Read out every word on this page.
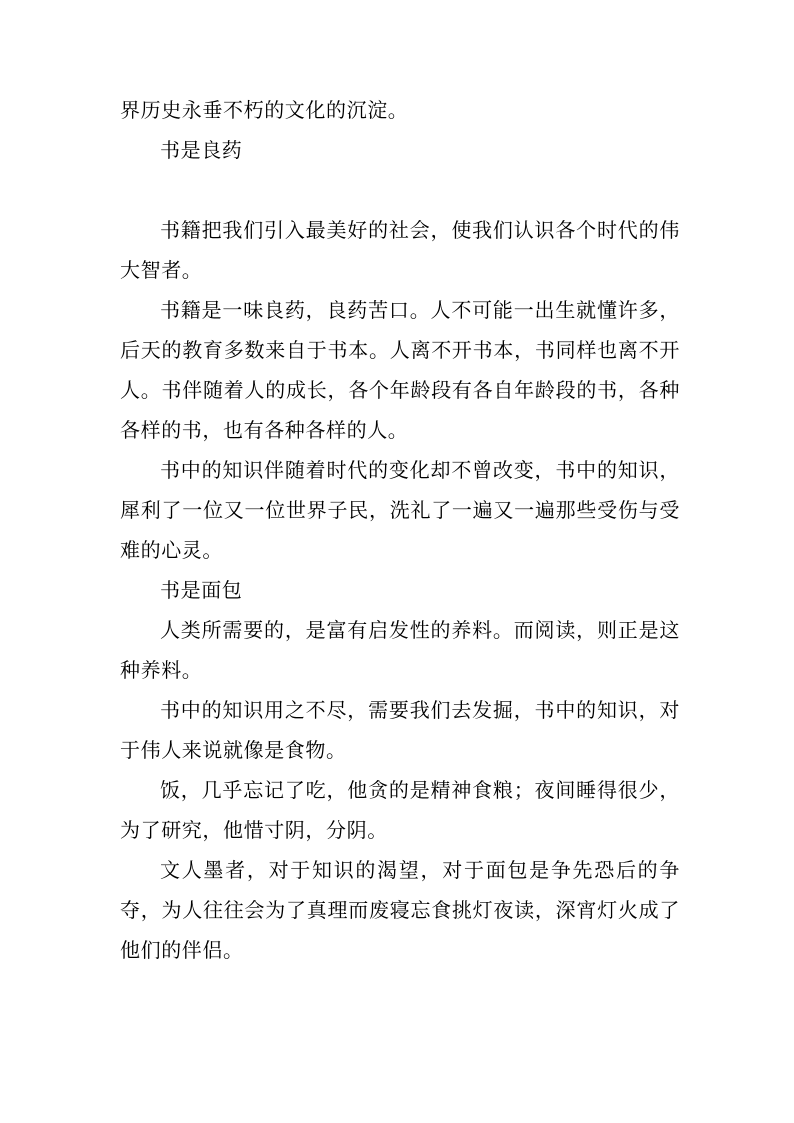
界历史永垂不朽的文化的沉淀。

书是良药

书籍把我们引入最美好的社会，使我们认识各个时代的伟大智者。

书籍是一味良药，良药苦口。人不可能一出生就懂许多，后天的教育多数来自于书本。人离不开书本，书同样也离不开人。书伴随着人的成长，各个年龄段有各自年龄段的书，各种各样的书，也有各种各样的人。

书中的知识伴随着时代的变化却不曾改变，书中的知识，犀利了一位又一位世界子民，洗礼了一遍又一遍那些受伤与受难的心灵。

书是面包

人类所需要的，是富有启发性的养料。而阅读，则正是这种养料。

书中的知识用之不尽，需要我们去发掘，书中的知识，对于伟人来说就像是食物。

饭，几乎忘记了吃，他贪的是精神食粮；夜间睡得很少，为了研究，他惜寸阴，分阴。

文人墨者，对于知识的渴望，对于面包是争先恐后的争夺，为人往往会为了真理而废寝忘食挑灯夜读，深宵灯火成了他们的伴侣。
